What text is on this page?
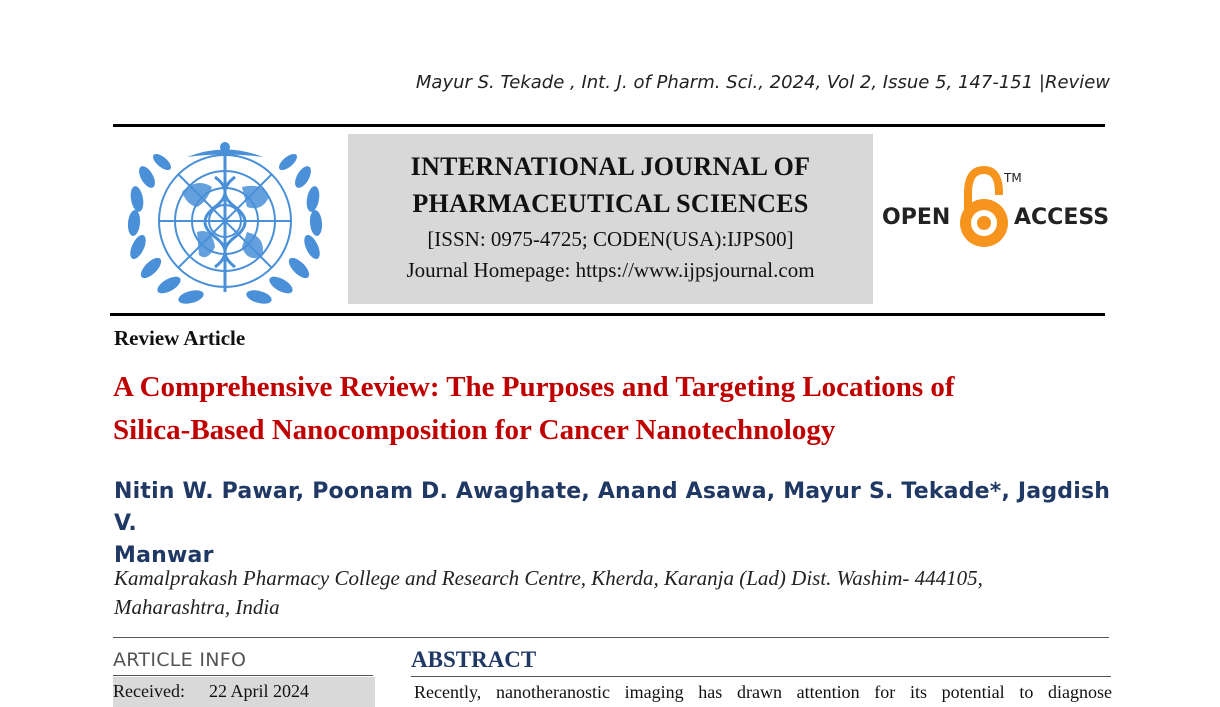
Mayur S. Tekade , Int. J. of Pharm. Sci., 2024, Vol 2, Issue 5, 147-151 |Review
INTERNATIONAL JOURNAL OF
PHARMACEUTICAL SCIENCES
[ISSN: 0975-4725; CODEN(USA):IJPS00]
Journal Homepage: https://www.ijpsjournal.com
OPEN
TM
ACCESS
Review Article
A Comprehensive Review: The Purposes and Targeting Locations of
Silica-Based Nanocomposition for Cancer Nanotechnology
Nitin W. Pawar, Poonam D. Awaghate, Anand Asawa, Mayur S. Tekade*, Jagdish V.
Manwar
Kamalprakash Pharmacy College and Research Centre, Kherda, Karanja (Lad) Dist. Washim- 444105,
Maharashtra, India
ARTICLE INFO
Received: 22 April 2024
ABSTRACT
Recently, nanotheranostic imaging has drawn attention for its potential to diagnose
